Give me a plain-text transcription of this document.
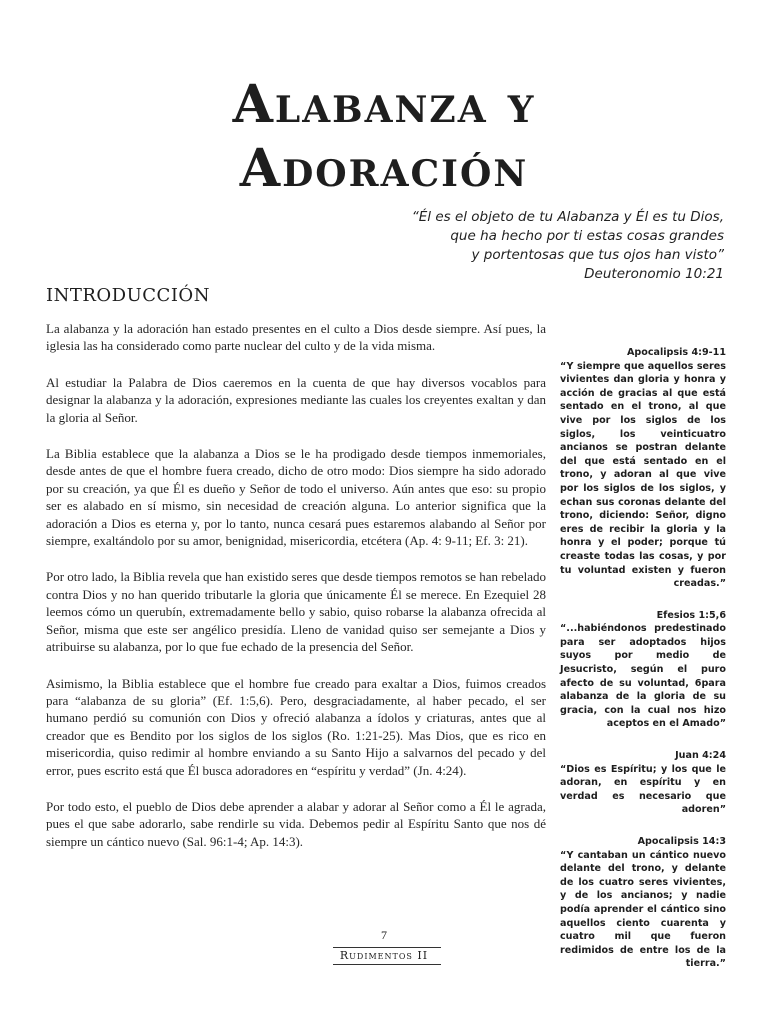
Alabanza y
Adoración
“Él es el objeto de tu Alabanza y Él es tu Dios,
que ha hecho por ti estas cosas grandes
y portentosas que tus ojos han visto”
Deuteronomio 10:21
INTRODUCCIÓN

La alabanza y la adoración han estado presentes en el culto a Dios desde siempre. Así pues, la iglesia las ha considerado como parte nuclear del culto y de la vida misma.

Al estudiar la Palabra de Dios caeremos en la cuenta de que hay diversos vocablos para designar la alabanza y la adoración, expresiones mediante las cuales los creyentes exaltan y dan la gloria al Señor.

La Biblia establece que la alabanza a Dios se le ha prodigado desde tiempos inmemoriales, desde antes de que el hombre fuera creado, dicho de otro modo: Dios siempre ha sido adorado por su creación, ya que Él es dueño y Señor de todo el universo. Aún antes que eso: su propio ser es alabado en sí mismo, sin necesidad de creación alguna. Lo anterior significa que la adoración a Dios es eterna y, por lo tanto, nunca cesará pues estaremos alabando al Señor por siempre, exaltándolo por su amor, benignidad, misericordia, etcétera (Ap. 4: 9-11; Ef. 3: 21).

Por otro lado, la Biblia revela que han existido seres que desde tiempos remotos se han rebelado contra Dios y no han querido tributarle la gloria que únicamente Él se merece. En Ezequiel 28 leemos cómo un querubín, extremadamente bello y sabio, quiso robarse la alabanza ofrecida al Señor, misma que este ser angélico presidía. Lleno de vanidad quiso ser semejante a Dios y atribuirse su alabanza, por lo que fue echado de la presencia del Señor.

Asimismo, la Biblia establece que el hombre fue creado para exaltar a Dios, fuimos creados para “alabanza de su gloria” (Ef. 1:5,6). Pero, desgraciadamente, al haber pecado, el ser humano perdió su comunión con Dios y ofreció alabanza a ídolos y criaturas, antes que al creador que es Bendito por los siglos de los siglos (Ro. 1:21-25). Mas Dios, que es rico en misericordia, quiso redimir al hombre enviando a su Santo Hijo a salvarnos del pecado y del error, pues escrito está que Él busca adoradores en “espíritu y verdad” (Jn. 4:24).

Por todo esto, el pueblo de Dios debe aprender a alabar y adorar al Señor como a Él le agrada, pues el que sabe adorarlo, sabe rendirle su vida. Debemos pedir al Espíritu Santo que nos dé siempre un cántico nuevo (Sal. 96:1-4; Ap. 14:3).

Apocalipsis 4:9-11
“Y siempre que aquellos seres vivientes dan gloria y honra y acción de gracias al que está sentado en el trono, al que vive por los siglos de los siglos, los veinticuatro ancianos se postran delante del que está sentado en el trono, y adoran al que vive por los siglos de los siglos, y echan sus coronas delante del trono, diciendo: Señor, digno eres de recibir la gloria y la honra y el poder; porque tú creaste todas las cosas, y por tu voluntad existen y fueron creadas.”
Efesios 1:5,6
“...habiéndonos predestinado para ser adoptados hijos suyos por medio de Jesucristo, según el puro afecto de su voluntad, 6para alabanza de la gloria de su gracia, con la cual nos hizo aceptos en el Amado”
Juan 4:24
“Dios es Espíritu; y los que le adoran, en espíritu y en verdad es necesario que adoren”
Apocalipsis 14:3
“Y cantaban un cántico nuevo delante del trono, y delante de los cuatro seres vivientes, y de los ancianos; y nadie podía aprender el cántico sino aquellos ciento cuarenta y cuatro mil que fueron redimidos de entre los de la tierra.”
7
Rudimentos II
